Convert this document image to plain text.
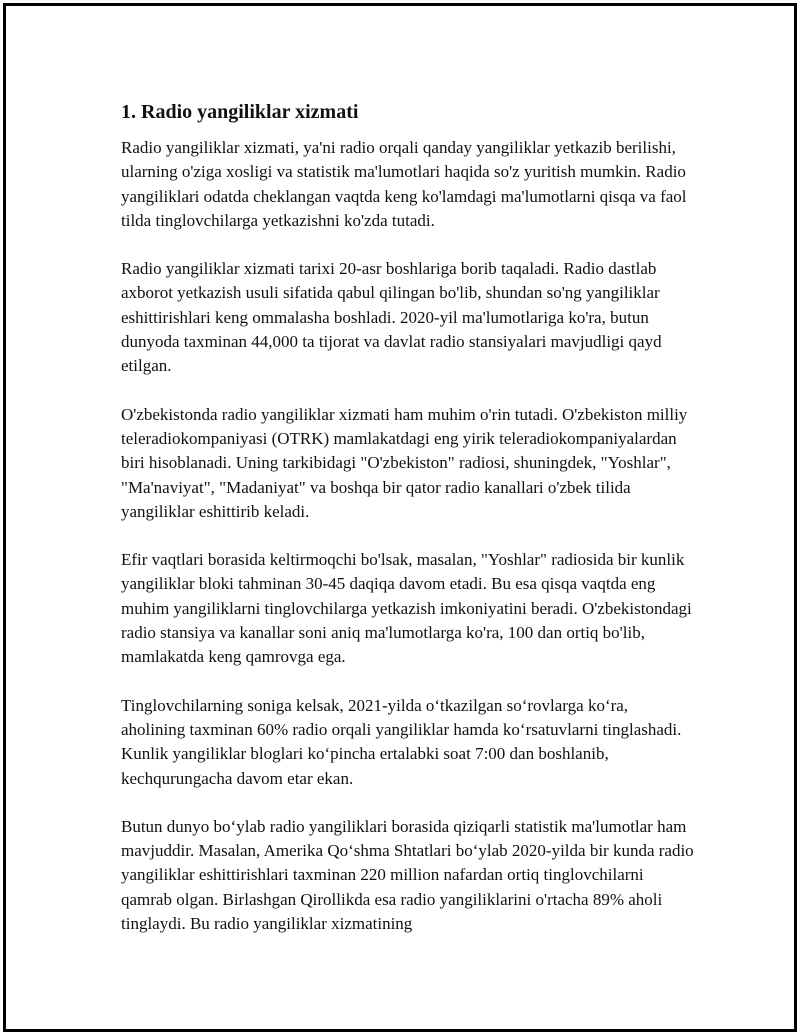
1. Radio yangiliklar xizmati

Radio yangiliklar xizmati, ya'ni radio orqali qanday yangiliklar yetkazib berilishi, ularning o'ziga xosligi va statistik ma'lumotlari haqida so'z yuritish mumkin. Radio yangiliklari odatda cheklangan vaqtda keng ko'lamdagi ma'lumotlarni qisqa va faol tilda tinglovchilarga yetkazishni ko'zda tutadi.

Radio yangiliklar xizmati tarixi 20-asr boshlariga borib taqaladi. Radio dastlab axborot yetkazish usuli sifatida qabul qilingan bo'lib, shundan so'ng yangiliklar eshittirishlari keng ommalasha boshladi. 2020-yil ma'lumotlariga ko'ra, butun dunyoda taxminan 44,000 ta tijorat va davlat radio stansiyalari mavjudligi qayd etilgan.

O'zbekistonda radio yangiliklar xizmati ham muhim o'rin tutadi. O'zbekiston milliy teleradiokompaniyasi (OTRK) mamlakatdagi eng yirik teleradiokompaniyalardan biri hisoblanadi. Uning tarkibidagi "O'zbekiston" radiosi, shuningdek, "Yoshlar", "Ma'naviyat", "Madaniyat" va boshqa bir qator radio kanallari o'zbek tilida yangiliklar eshittirib keladi.

Efir vaqtlari borasida keltirmoqchi bo'lsak, masalan, "Yoshlar" radiosida bir kunlik yangiliklar bloki tahminan 30-45 daqiqa davom etadi. Bu esa qisqa vaqtda eng muhim yangiliklarni tinglovchilarga yetkazish imkoniyatini beradi. O'zbekistondagi radio stansiya va kanallar soni aniq ma'lumotlarga ko'ra, 100 dan ortiq bo'lib, mamlakatda keng qamrovga ega.

Tinglovchilarning soniga kelsak, 2021-yilda o‘tkazilgan so‘rovlarga ko‘ra, aholining taxminan 60% radio orqali yangiliklar hamda ko‘rsatuvlarni tinglashadi. Kunlik yangiliklar bloglari ko‘pincha ertalabki soat 7:00 dan boshlanib, kechqurungacha davom etar ekan.

Butun dunyo bo‘ylab radio yangiliklari borasida qiziqarli statistik ma'lumotlar ham mavjuddir. Masalan, Amerika Qo‘shma Shtatlari bo‘ylab 2020-yilda bir kunda radio yangiliklar eshittirishlari taxminan 220 million nafardan ortiq tinglovchilarni qamrab olgan. Birlashgan Qirollikda esa radio yangiliklarini o'rtacha 89% aholi tinglaydi. Bu radio yangiliklar xizmatining
